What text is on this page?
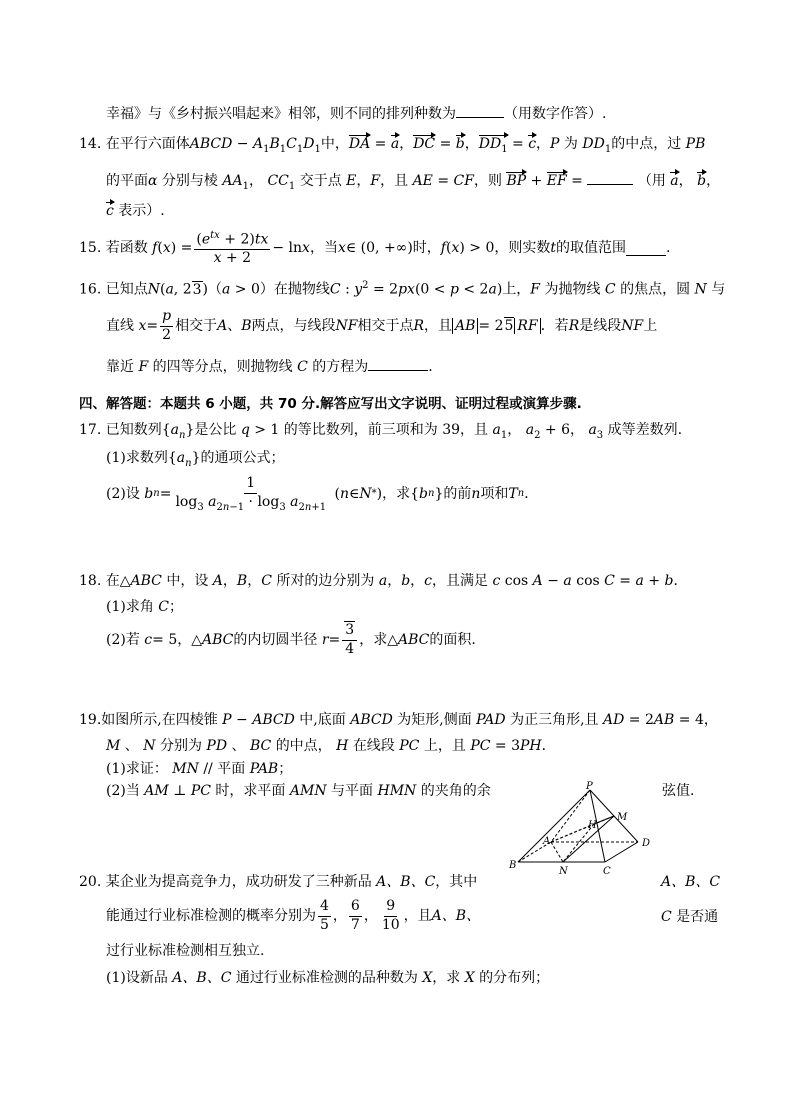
幸福》与《乡村振兴唱起来》相邻，则不同的排列种数为	（用数字作答）.
14. 在平行六面体ABCD − $A_1B_1C_1D_1$中，DA = a，DC = b，$DD_1 = c$，P 为 $DD_1$的中点，过 PB
的平面α 分别与棱 $AA_1$， $CC_1$ 交于点 E，F，且 AE = CF，则 BP + EF =	（用 a， b，
c 表示）.
15.
若函数
f ( x ) = $\frac{(e^{tx} + 2)tx}{x + 2} - \ln x$ ，当 x ∈ (0, +∞) 时， f ( x ) > 0 ，则实数 t 的取值范围	.
16. 已知点N(a, 23)（a > 0）在抛物线C : $y^2 = 2px(0 < p < 2a)$上，F 为抛物线 C 的焦点，圆 N 与
直线
$x = \frac{p}{2}$ 相交于 A 、 B 两点，与线段 NF 相交于点 R ，且 AB = 2 5 RF ．若 R 是线段 NF 上
靠近 F 的四等分点，则抛物线 C 的方程为	.
四、解答题：本题共 6 小题，共 70 分.解答应写出文字说明、证明过程或演算步骤.
17. 已知数列$\{a_n\}$是公比 q > 1 的等比数列，前三项和为 39，且 $a_1$， $a_2 + 6$， $a_3$ 成等差数列.
(1)求数列$\{a_n\}$的通项公式；
(2)设
b $n = \frac{1}{\log_3 a_{2n-1} \cdot \log_3 a_{2n+1}}$ ( n ∈ N * ) ，求 { b n } 的前 n 项和 T n ．
18. 在△ABC 中，设 A，B，C 所对的边分别为 a，b，c，且满足 c cos A − a cos C = a + b．
(1)求角 C；
(2)若
c = 5 ，△ ABC 的内切圆半径
$r = \frac{3}{4}$ ，求△ ABC 的面积.
19.如图所示,在四棱锥 P − ABCD 中,底面 ABCD 为矩形,侧面 PAD 为正三角形,且 AD = 2AB = 4，
M 、 N 分别为 PD 、 BC 的中点， H 在线段 PC 上，且 PC = 3PH．
(1)求证： MN // 平面 PAB；
(2)当 AM ⊥ PC 时，求平面 AMN 与平面 HMN 的夹角的余	弦值.
P
H
M
A	D
B
N	C
20. 某企业为提高竞争力，成功研发了三种新品 A、B、C，其中	A、B、C
能通过行业标准检测的概率分别为 $\frac{4}{5}$ ， $\frac{6}{7}$ ， $\frac{9}{10}$ ，且 A、B、	C 是否通
过行业标准检测相互独立.
(1)设新品 A、B、C 通过行业标准检测的品种数为 X，求 X 的分布列；
